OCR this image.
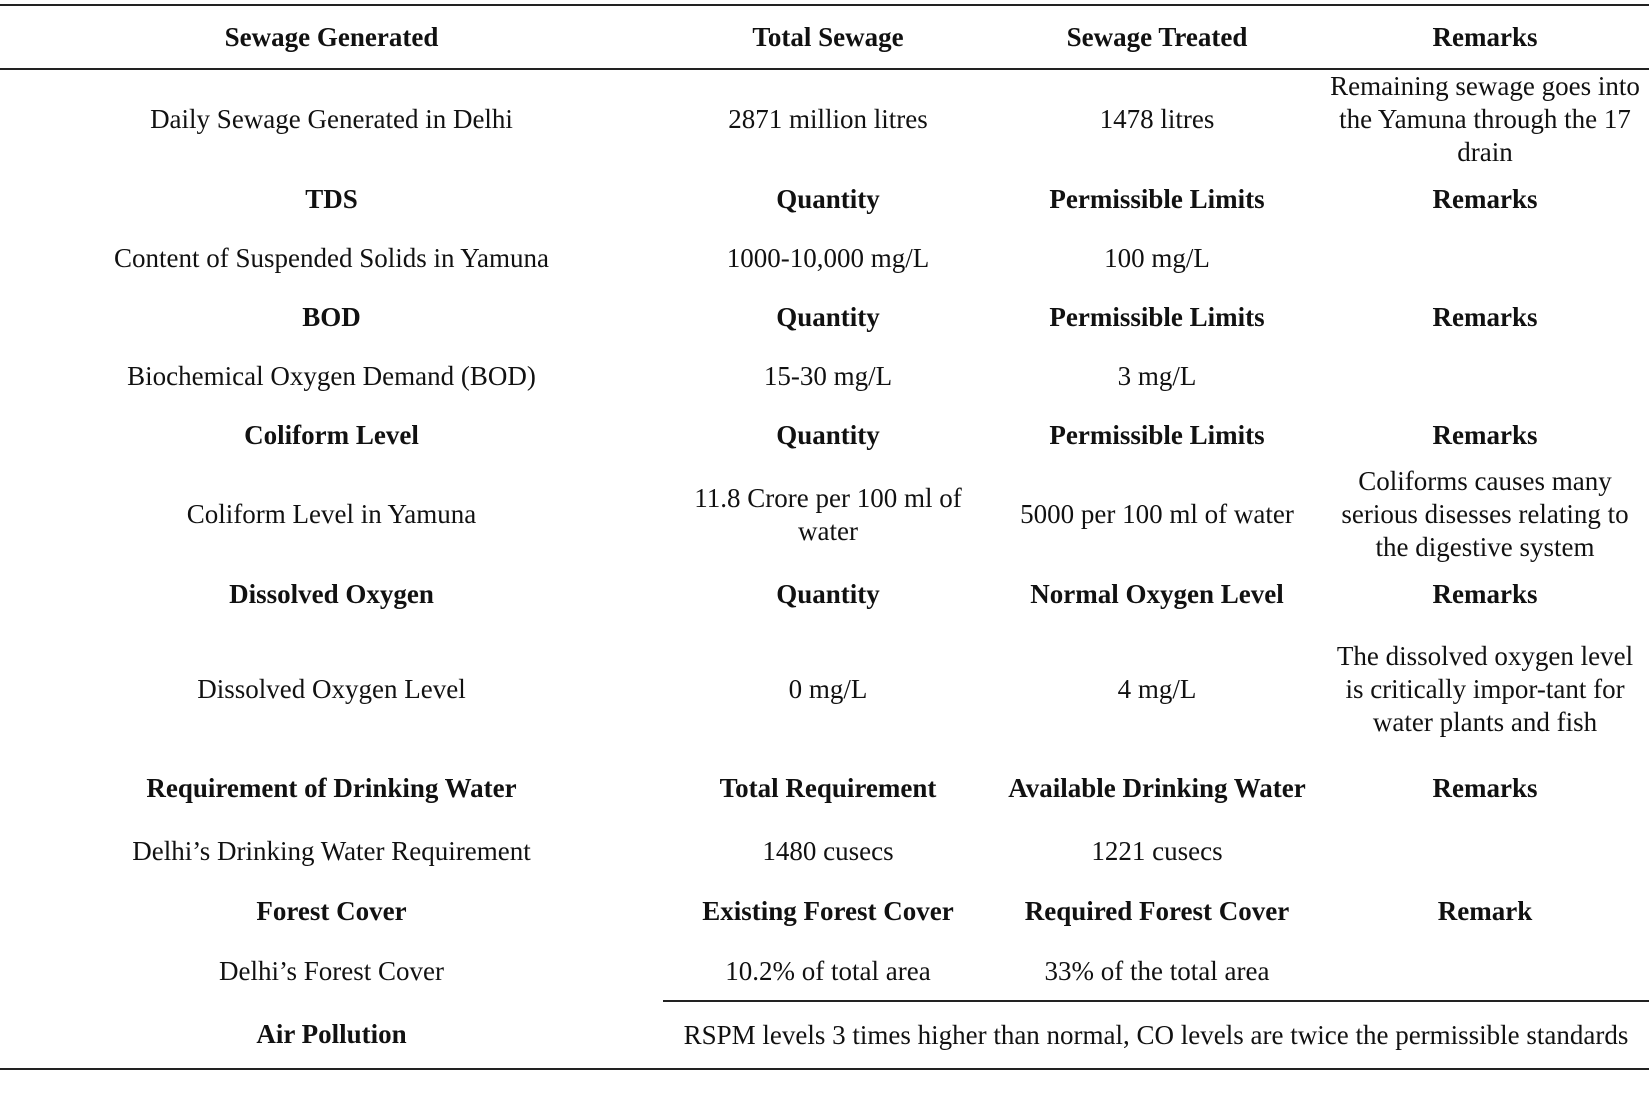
Sewage Generated	Total Sewage	Sewage Treated	Remarks
Daily Sewage Generated in Delhi	2871 million litres	1478 litres	Remaining sewage goes into the Yamuna through the 17 drain
TDS	Quantity	Permissible Limits	Remarks
Content of Suspended Solids in Yamuna	1000-10,000 mg/L	100 mg/L	
BOD	Quantity	Permissible Limits	Remarks
Biochemical Oxygen Demand (BOD)	15-30 mg/L	3 mg/L	
Coliform Level	Quantity	Permissible Limits	Remarks
Coliform Level in Yamuna	11.8 Crore per 100 ml of water	5000 per 100 ml of water	Coliforms causes many serious disesses relating to the digestive system
Dissolved Oxygen	Quantity	Normal Oxygen Level	Remarks
Dissolved Oxygen Level	0 mg/L	4 mg/L	The dissolved oxygen level is critically impor-tant for water plants and fish
Requirement of Drinking Water	Total Requirement	Available Drinking Water	Remarks
Delhi’s Drinking Water Requirement	1480 cusecs	1221 cusecs	
Forest Cover	Existing Forest Cover	Required Forest Cover	Remark
Delhi’s Forest Cover	10.2% of total area	33% of the total area	
Air Pollution	RSPM levels 3 times higher than normal, CO levels are twice the permissible standards		
